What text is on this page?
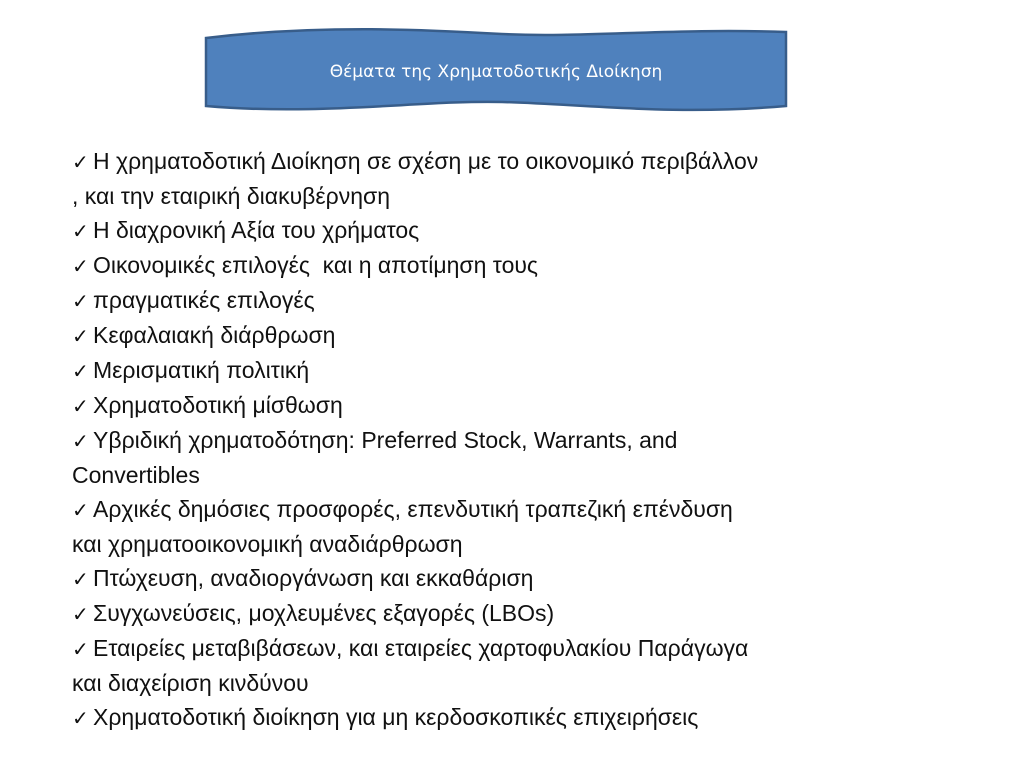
Θέματα της Χρηματοδοτικής Διοίκηση

✓ Η χρηματοδοτική Διοίκηση σε σχέση με το οικονομικό περιβάλλον
, και την εταιρική διακυβέρνηση

✓ Η διαχρονική Αξία του χρήματος

✓ Οικονομικές επιλογές  και η αποτίμηση τους

✓ πραγματικές επιλογές

✓ Κεφαλαιακή διάρθρωση

✓ Μερισματική πολιτική

✓ Χρηματοδοτική μίσθωση

✓ Υβριδική χρηματοδότηση: Preferred Stock, Warrants, and
Convertibles

✓ Αρχικές δημόσιες προσφορές, επενδυτική τραπεζική επένδυση
και χρηματοοικονομική αναδιάρθρωση

✓ Πτώχευση, αναδιοργάνωση και εκκαθάριση

✓ Συγχωνεύσεις, μοχλευμένες εξαγορές (LBOs)

✓ Εταιρείες μεταβιβάσεων, και εταιρείες χαρτοφυλακίου Παράγωγα
και διαχείριση κινδύνου

✓ Χρηματοδοτική διοίκηση για μη κερδοσκοπικές επιχειρήσεις
